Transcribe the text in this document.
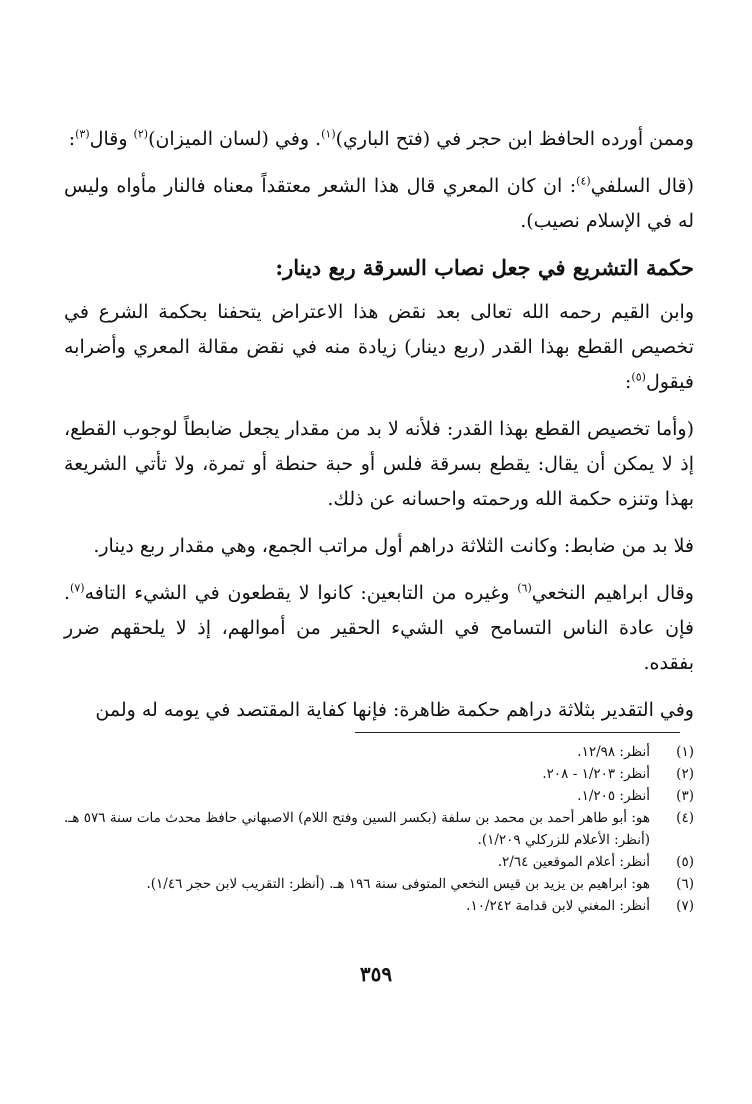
وممن أورده الحافظ ابن حجر في (فتح الباري)$^{(١)}$. وفي (لسان الميزان)$^{(٢)}$ وقال$^{(٣)}$:

(قال السلفي$^{(٤)}$: ان كان المعري قال هذا الشعر معتقداً معناه فالنار مأواه وليس له في الإسلام نصيب).

حكمة التشريع في جعل نصاب السرقة ربع دينار:

وابن القيم رحمه الله تعالى بعد نقض هذا الاعتراض يتحفنا بحكمة الشرع في تخصيص القطع بهذا القدر (ربع دينار) زيادة منه في نقض مقالة المعري وأضرابه فيقول$^{(٥)}$:

(وأما تخصيص القطع بهذا القدر: فلأنه لا بد من مقدار يجعل ضابطاً لوجوب القطع، إذ لا يمكن أن يقال: يقطع بسرقة فلس أو حبة حنطة أو تمرة، ولا تأتي الشريعة بهذا وتنزه حكمة الله ورحمته واحسانه عن ذلك.

فلا بد من ضابط: وكانت الثلاثة دراهم أول مراتب الجمع، وهي مقدار ربع دينار.

وقال ابراهيم النخعي$^{(٦)}$ وغيره من التابعين: كانوا لا يقطعون في الشيء التافه$^{(٧)}$. فإن عادة الناس التسامح في الشيء الحقير من أموالهم، إذ لا يلحقهم ضرر بفقده.

وفي التقدير بثلاثة دراهم حكمة ظاهرة: فإنها كفاية المقتصد في يومه له ولمن

(١)
أنظر: ١٢/٩٨.
(٢)
أنظر: ١/٢٠٣ - ٢٠٨.
(٣)
أنظر: ١/٢٠٥.
(٤)
هو: أبو طاهر أحمد بن محمد بن سلفة (بكسر السين وفتح اللام) الاصبهاني حافظ محدث مات سنة ٥٧٦ هـ. (أنظر: الأعلام للزركلي ١/٢٠٩).
(٥)
أنظر: أعلام الموقعين ٢/٦٤.
(٦)
هو: ابراهيم بن يزيد بن قيس النخعي المتوفى سنة ١٩٦ هـ. (أنظر: التقريب لابن حجر ١/٤٦).
(٧)
أنظر: المغني لابن قدامة ١٠/٢٤٢.
٣٥٩
